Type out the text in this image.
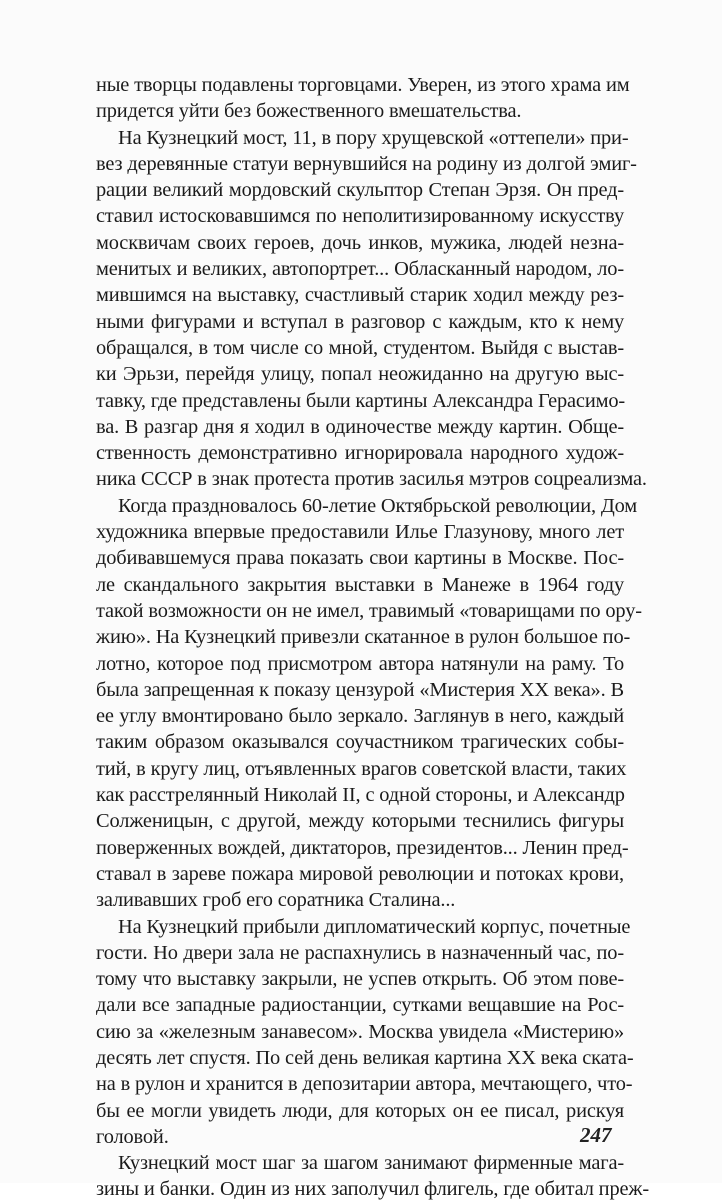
ные творцы подавлены торговцами. Уверен, из этого храма им
придется уйти без божественного вмешательства.
На Кузнецкий мост, 11, в пору хрущевской «оттепели» при-
вез деревянные статуи вернувшийся на родину из долгой эмиг-
рации великий мордовский скульптор Степан Эрзя. Он пред-
ставил истосковавшимся по неполитизированному искусству
москвичам своих героев, дочь инков, мужика, людей незна-
менитых и великих, автопортрет... Обласканный народом, ло-
мившимся на выставку, счастливый старик ходил между рез-
ными фигурами и вступал в разговор с каждым, кто к нему
обращался, в том числе со мной, студентом. Выйдя с выстав-
ки Эрьзи, перейдя улицу, попал неожиданно на другую выс-
тавку, где представлены были картины Александра Герасимо-
ва. В разгар дня я ходил в одиночестве между картин. Обще-
ственность демонстративно игнорировала народного худож-
ника СССР в знак протеста против засилья мэтров соцреализма.
Когда праздновалось 60-летие Октябрьской революции, Дом
художника впервые предоставили Илье Глазунову, много лет
добивавшемуся права показать свои картины в Москве. Пос-
ле скандального закрытия выставки в Манеже в 1964 году
такой возможности он не имел, травимый «товарищами по ору-
жию». На Кузнецкий привезли скатанное в рулон большое по-
лотно, которое под присмотром автора натянули на раму. То
была запрещенная к показу цензурой «Мистерия XX века». В
ее углу вмонтировано было зеркало. Заглянув в него, каждый
таким образом оказывался соучастником трагических собы-
тий, в кругу лиц, отъявленных врагов советской власти, таких
как расстрелянный Николай II, с одной стороны, и Александр
Солженицын, с другой, между которыми теснились фигуры
поверженных вождей, диктаторов, президентов... Ленин пред-
ставал в зареве пожара мировой революции и потоках крови,
заливавших гроб его соратника Сталина...
На Кузнецкий прибыли дипломатический корпус, почетные
гости. Но двери зала не распахнулись в назначенный час, по-
тому что выставку закрыли, не успев открыть. Об этом пове-
дали все западные радиостанции, сутками вещавшие на Рос-
сию за «железным занавесом». Москва увидела «Мистерию»
десять лет спустя. По сей день великая картина XX века ската-
на в рулон и хранится в депозитарии автора, мечтающего, что-
бы ее могли увидеть люди, для которых он ее писал, рискуя
головой.
Кузнецкий мост шаг за шагом занимают фирменные мага-
зины и банки. Один из них заполучил флигель, где обитал преж-
247
